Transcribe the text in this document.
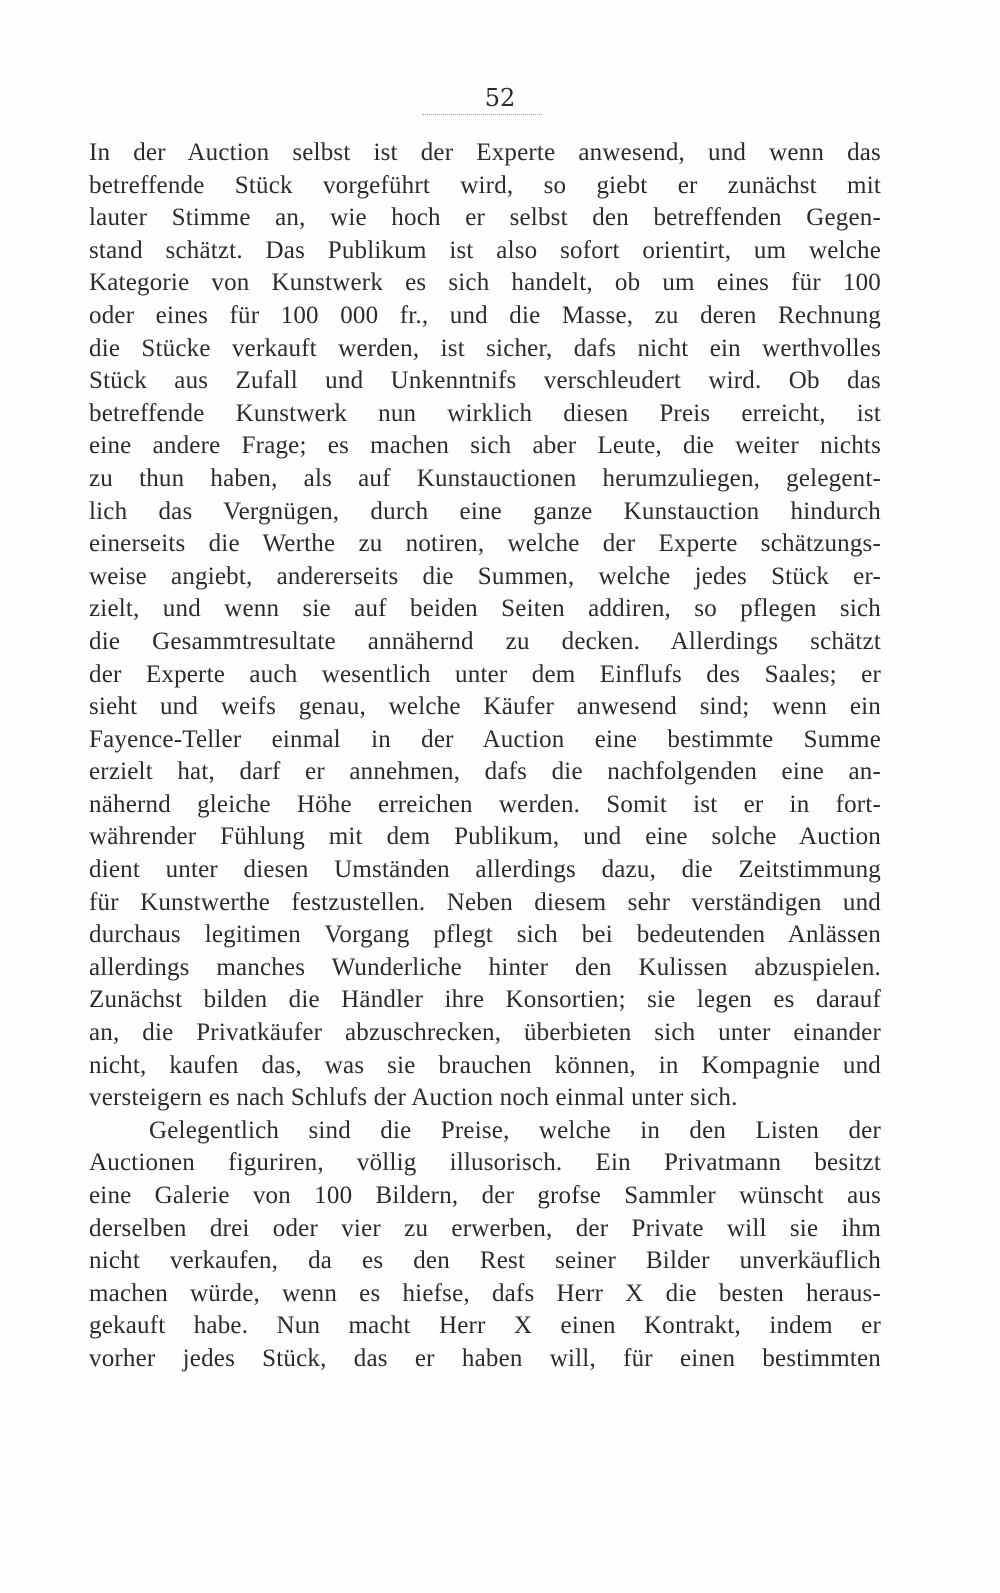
52
In der Auction selbst ist der Experte anwesend, und wenn das
betreffende Stück vorgeführt wird, so giebt er zunächst mit
lauter Stimme an, wie hoch er selbst den betreffenden Gegen-
stand schätzt. Das Publikum ist also sofort orientirt, um welche
Kategorie von Kunstwerk es sich handelt, ob um eines für 100
oder eines für 100 000 fr., und die Masse, zu deren Rechnung
die Stücke verkauft werden, ist sicher, dafs nicht ein werthvolles
Stück aus Zufall und Unkenntnifs verschleudert wird. Ob das
betreffende Kunstwerk nun wirklich diesen Preis erreicht, ist
eine andere Frage; es machen sich aber Leute, die weiter nichts
zu thun haben, als auf Kunstauctionen herumzuliegen, gelegent-
lich das Vergnügen, durch eine ganze Kunstauction hindurch
einerseits die Werthe zu notiren, welche der Experte schätzungs-
weise angiebt, andererseits die Summen, welche jedes Stück er-
zielt, und wenn sie auf beiden Seiten addiren, so pflegen sich
die Gesammtresultate annähernd zu decken. Allerdings schätzt
der Experte auch wesentlich unter dem Einflufs des Saales; er
sieht und weifs genau, welche Käufer anwesend sind; wenn ein
Fayence-Teller einmal in der Auction eine bestimmte Summe
erzielt hat, darf er annehmen, dafs die nachfolgenden eine an-
nähernd gleiche Höhe erreichen werden. Somit ist er in fort-
währender Fühlung mit dem Publikum, und eine solche Auction
dient unter diesen Umständen allerdings dazu, die Zeitstimmung
für Kunstwerthe festzustellen. Neben diesem sehr verständigen und
durchaus legitimen Vorgang pflegt sich bei bedeutenden Anlässen
allerdings manches Wunderliche hinter den Kulissen abzuspielen.
Zunächst bilden die Händler ihre Konsortien; sie legen es darauf
an, die Privatkäufer abzuschrecken, überbieten sich unter einander
nicht, kaufen das, was sie brauchen können, in Kompagnie und
versteigern es nach Schlufs der Auction noch einmal unter sich.
Gelegentlich sind die Preise, welche in den Listen der
Auctionen figuriren, völlig illusorisch. Ein Privatmann besitzt
eine Galerie von 100 Bildern, der grofse Sammler wünscht aus
derselben drei oder vier zu erwerben, der Private will sie ihm
nicht verkaufen, da es den Rest seiner Bilder unverkäuflich
machen würde, wenn es hiefse, dafs Herr X die besten heraus-
gekauft habe. Nun macht Herr X einen Kontrakt, indem er
vorher jedes Stück, das er haben will, für einen bestimmten
